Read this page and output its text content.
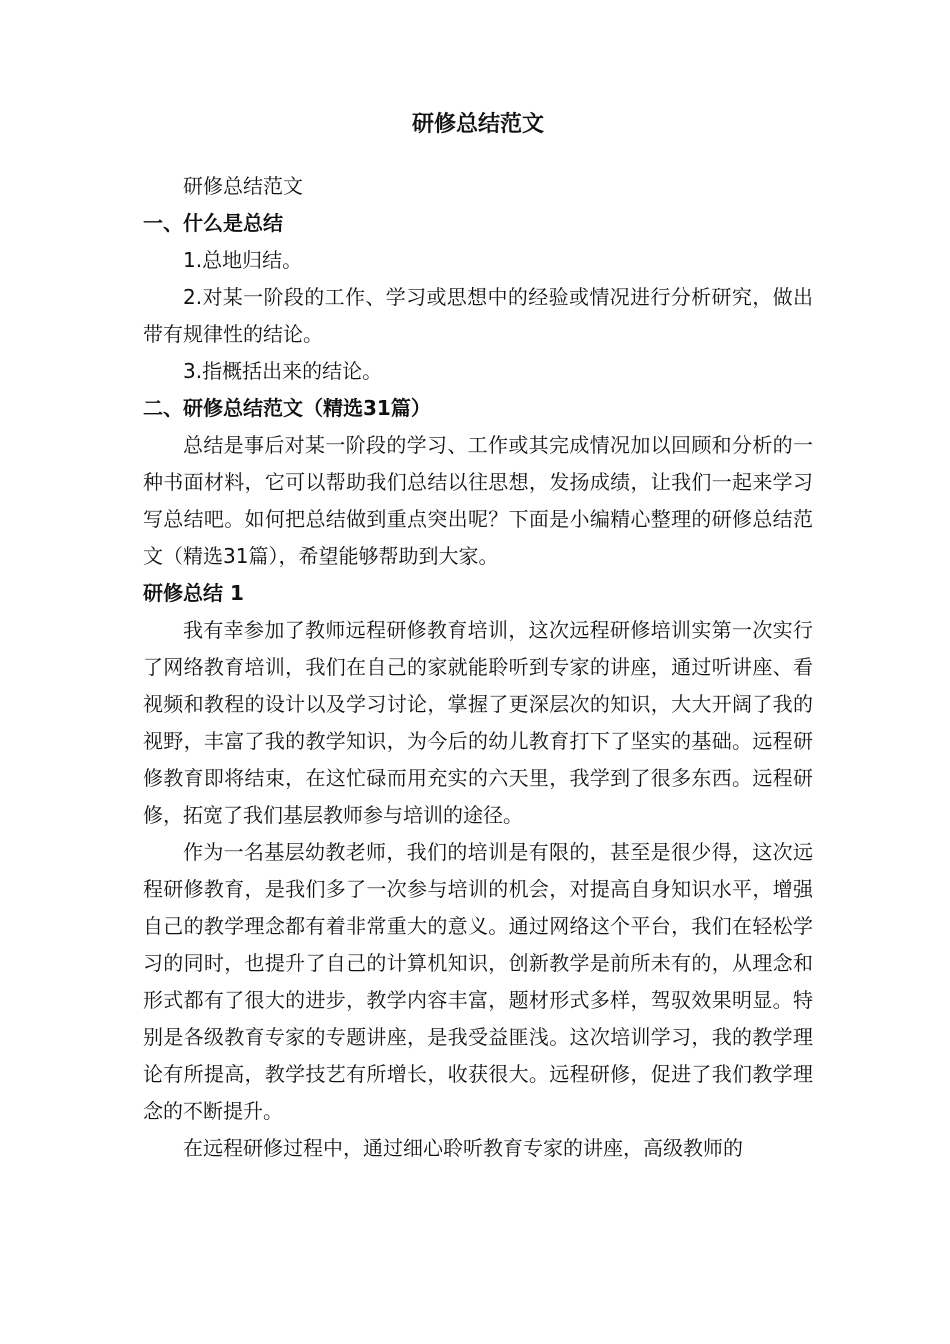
研修总结范文

研修总结范文

一、什么是总结

1.总地归结。

2.对某一阶段的工作、学习或思想中的经验或情况进行分析研究，做出带有规律性的结论。

3.指概括出来的结论。

二、研修总结范文（精选31篇）

总结是事后对某一阶段的学习、工作或其完成情况加以回顾和分析的一种书面材料，它可以帮助我们总结以往思想，发扬成绩，让我们一起来学习写总结吧。如何把总结做到重点突出呢？下面是小编精心整理的研修总结范文（精选31篇），希望能够帮助到大家。

研修总结 1

我有幸参加了教师远程研修教育培训，这次远程研修培训实第一次实行了网络教育培训，我们在自己的家就能聆听到专家的讲座，通过听讲座、看视频和教程的设计以及学习讨论，掌握了更深层次的知识，大大开阔了我的视野，丰富了我的教学知识，为今后的幼儿教育打下了坚实的基础。远程研修教育即将结束，在这忙碌而用充实的六天里，我学到了很多东西。远程研修，拓宽了我们基层教师参与培训的途径。

作为一名基层幼教老师，我们的培训是有限的，甚至是很少得，这次远程研修教育，是我们多了一次参与培训的机会，对提高自身知识水平，增强自己的教学理念都有着非常重大的意义。通过网络这个平台，我们在轻松学习的同时，也提升了自己的计算机知识，创新教学是前所未有的，从理念和形式都有了很大的进步，教学内容丰富，题材形式多样，驾驭效果明显。特别是各级教育专家的专题讲座，是我受益匪浅。这次培训学习，我的教学理论有所提高，教学技艺有所增长，收获很大。远程研修，促进了我们教学理念的不断提升。

在远程研修过程中，通过细心聆听教育专家的讲座，高级教师的
